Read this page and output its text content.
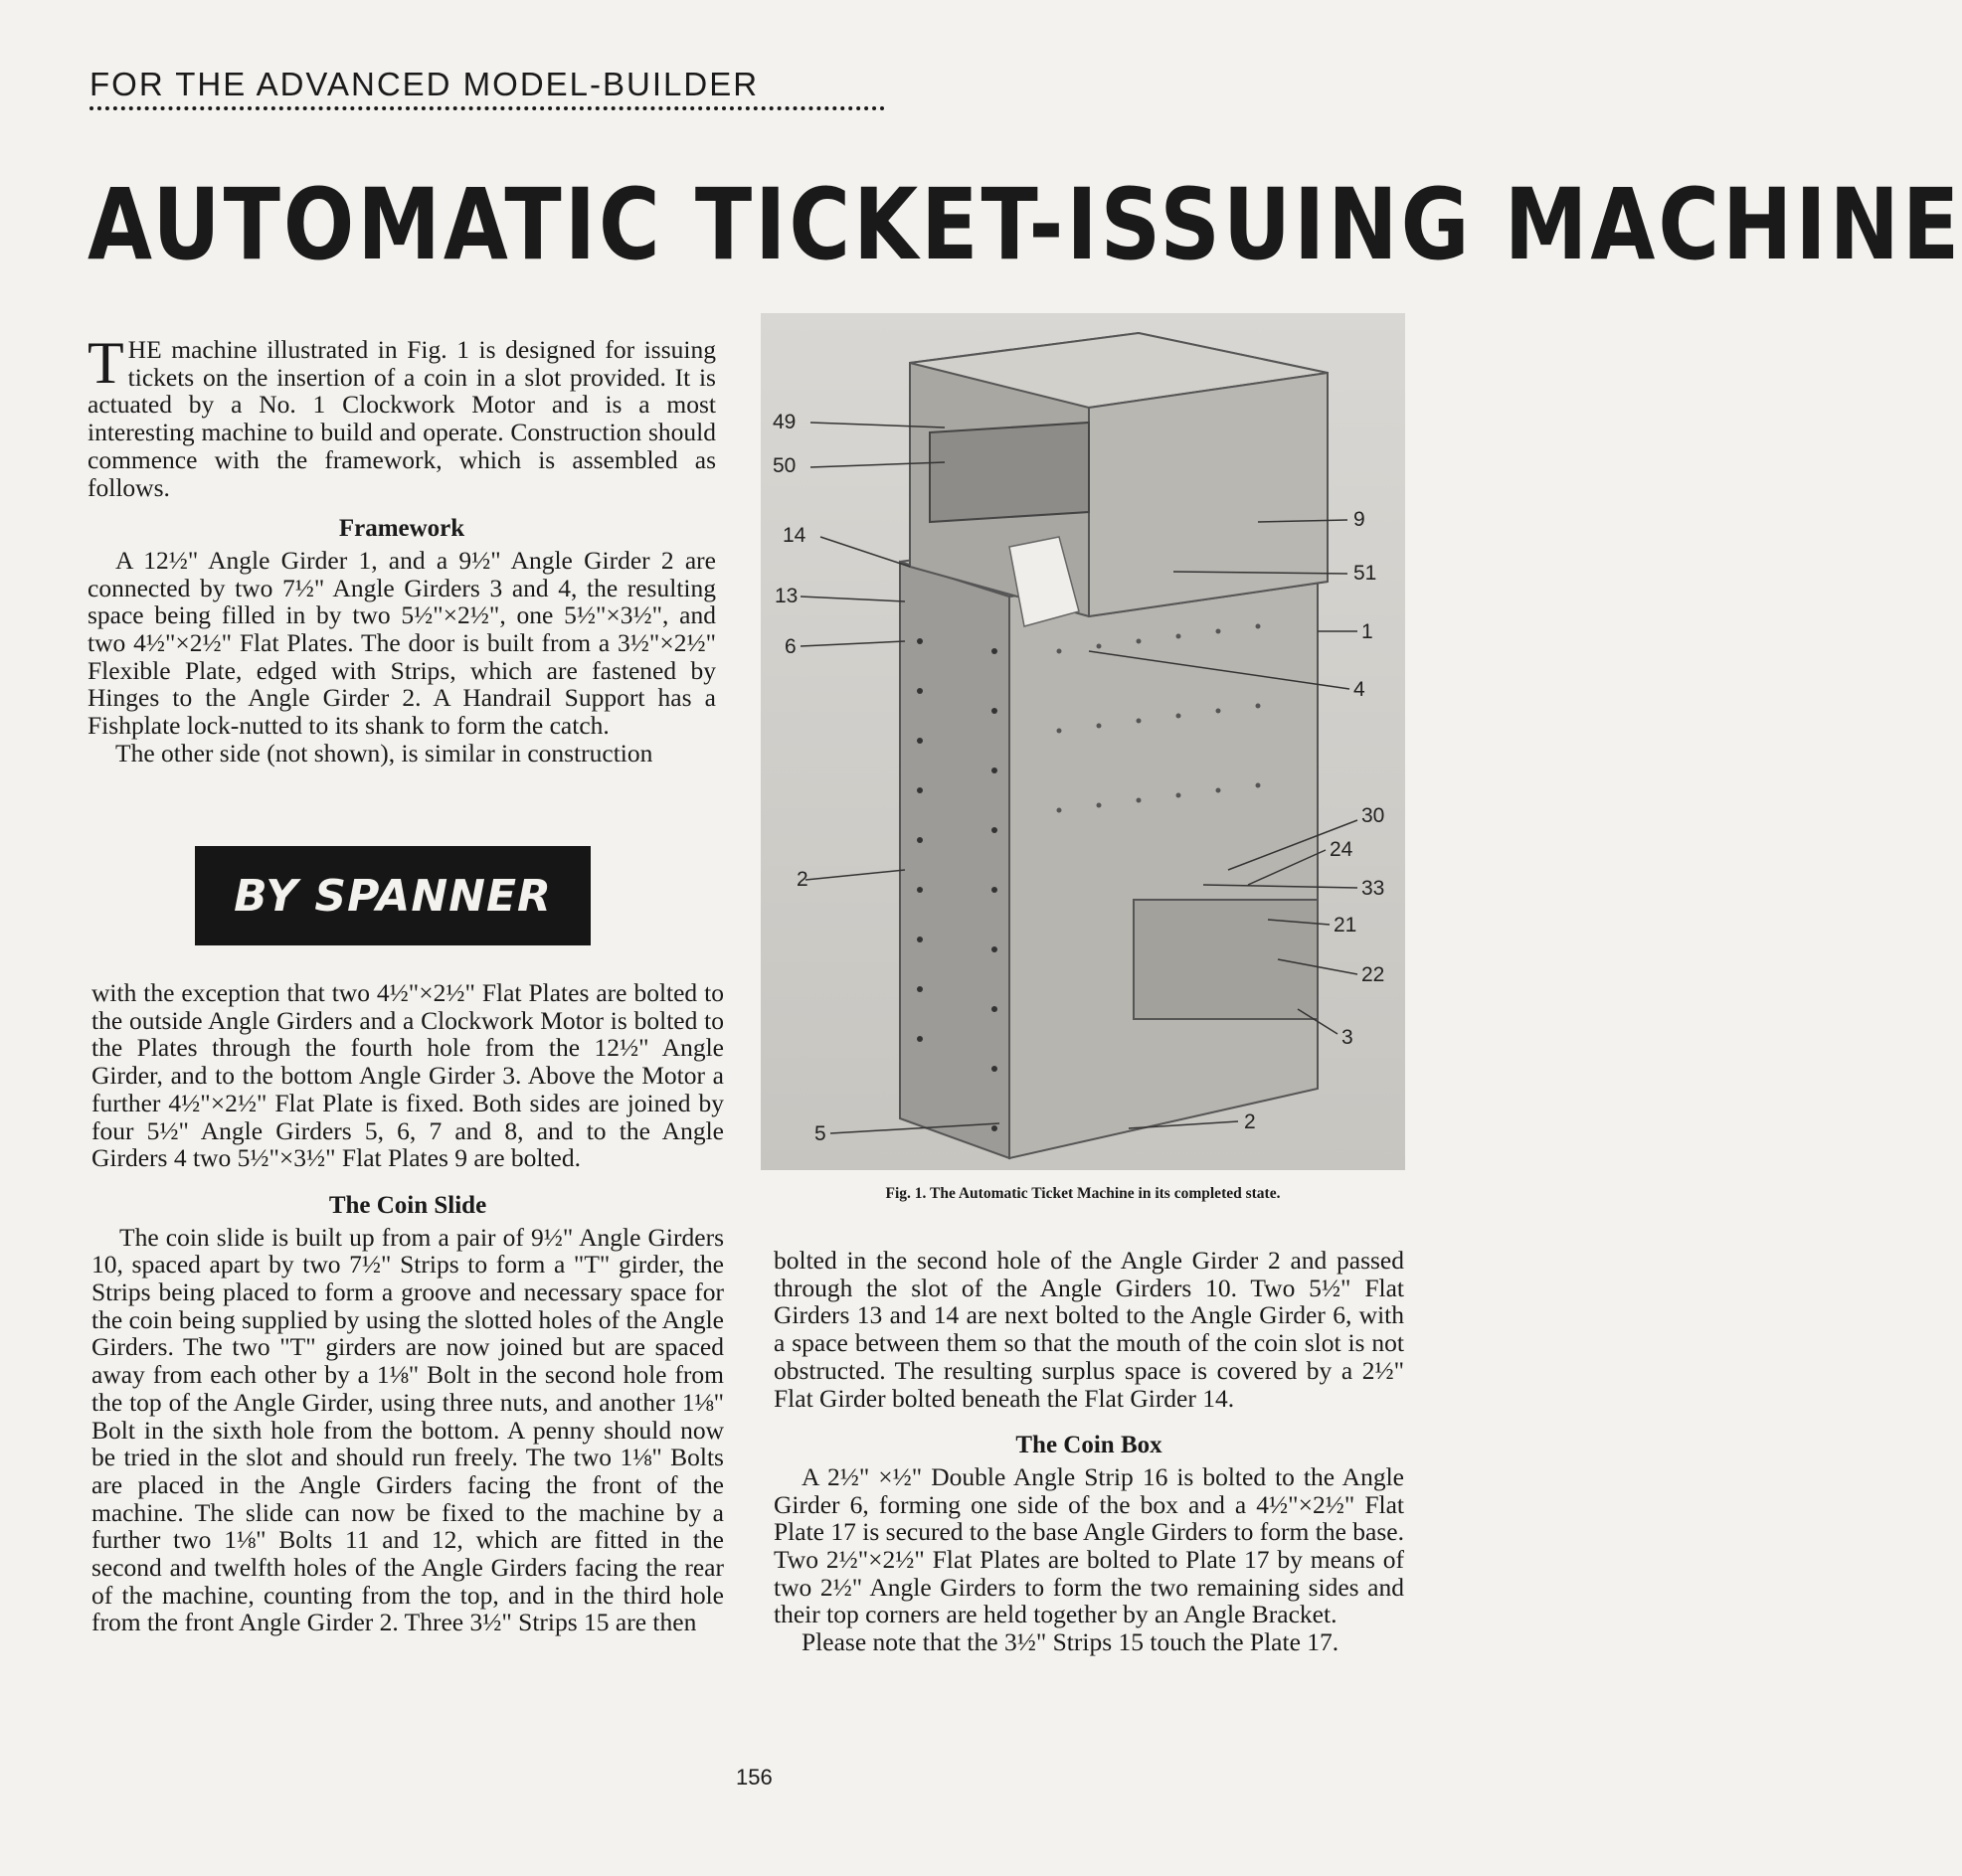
FOR THE ADVANCED MODEL-BUILDER
AUTOMATIC TICKET-ISSUING MACHINE

THE machine illustrated in Fig. 1 is designed for issuing tickets on the insertion of a coin in a slot provided. It is actuated by a No. 1 Clockwork Motor and is a most interesting machine to build and operate. Construction should commence with the framework, which is assembled as follows.

Framework

A 12½" Angle Girder 1, and a 9½" Angle Girder 2 are connected by two 7½" Angle Girders 3 and 4, the resulting space being filled in by two 5½"×2½", one 5½"×3½", and two 4½"×2½" Flat Plates. The door is built from a 3½"×2½" Flexible Plate, edged with Strips, which are fastened by Hinges to the Angle Girder 2. A Handrail Support has a Fishplate lock-nutted to its shank to form the catch.

The other side (not shown), is similar in construction

BY SPANNER

with the exception that two 4½"×2½" Flat Plates are bolted to the outside Angle Girders and a Clockwork Motor is bolted to the Plates through the fourth hole from the 12½" Angle Girder, and to the bottom Angle Girder 3. Above the Motor a further 4½"×2½" Flat Plate is fixed. Both sides are joined by four 5½" Angle Girders 5, 6, 7 and 8, and to the Angle Girders 4 two 5½"×3½" Flat Plates 9 are bolted.

The Coin Slide

The coin slide is built up from a pair of 9½" Angle Girders 10, spaced apart by two 7½" Strips to form a "T" girder, the Strips being placed to form a groove and necessary space for the coin being supplied by using the slotted holes of the Angle Girders. The two "T" girders are now joined but are spaced away from each other by a 1⅛" Bolt in the second hole from the top of the Angle Girder, using three nuts, and another 1⅛" Bolt in the sixth hole from the bottom. A penny should now be tried in the slot and should run freely. The two 1⅛" Bolts are placed in the Angle Girders facing the front of the machine. The slide can now be fixed to the machine by a further two 1⅛" Bolts 11 and 12, which are fitted in the second and twelfth holes of the Angle Girders facing the rear of the machine, counting from the top, and in the third hole from the front Angle Girder 2. Three 3½" Strips 15 are then

49
50
14
13
6
2
5
9
51
1
4
30
24
33
21
22
3
2
Fig. 1. The Automatic Ticket Machine in its completed state.

bolted in the second hole of the Angle Girder 2 and passed through the slot of the Angle Girders 10. Two 5½" Flat Girders 13 and 14 are next bolted to the Angle Girder 6, with a space between them so that the mouth of the coin slot is not obstructed. The resulting surplus space is covered by a 2½" Flat Girder bolted beneath the Flat Girder 14.

The Coin Box

A 2½" ×½" Double Angle Strip 16 is bolted to the Angle Girder 6, forming one side of the box and a 4½"×2½" Flat Plate 17 is secured to the base Angle Girders to form the base. Two 2½"×2½" Flat Plates are bolted to Plate 17 by means of two 2½" Angle Girders to form the two remaining sides and their top corners are held together by an Angle Bracket.

Please note that the 3½" Strips 15 touch the Plate 17.

156
